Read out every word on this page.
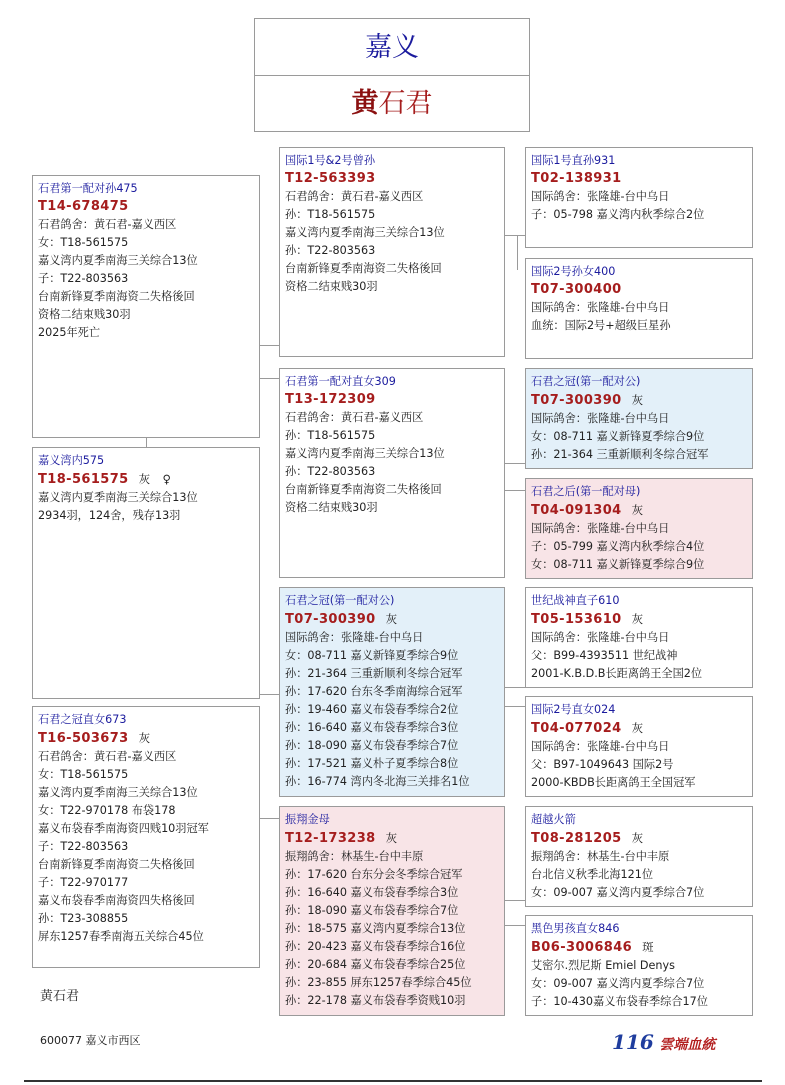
嘉义
黄石君
石君第一配对孙475
T14-678475
石君鸽舍：黄石君-嘉义西区
女：T18-561575
嘉义湾内夏季南海三关综合13位
子：T22-803563
台南新锋夏季南海资二失格後回
资格二结束贱30羽
2025年死亡
嘉义湾内575
T18-561575 灰　♀
嘉义湾内夏季南海三关综合13位
2934羽，124舍，残存13羽
石君之冠直女673
T16-503673 灰
石君鸽舍：黄石君-嘉义西区
女：T18-561575
嘉义湾内夏季南海三关综合13位
女：T22-970178 布袋178
嘉义布袋春季南海资四贱10羽冠军
子：T22-803563
台南新锋夏季南海资二失格後回
子：T22-970177
嘉义布袋春季南海资四失格後回
孙：T23-308855
屏东1257春季南海五关综合45位
国际1号&2号曾孙
T12-563393
石君鸽舍：黄石君-嘉义西区
孙：T18-561575
嘉义湾内夏季南海三关综合13位
孙：T22-803563
台南新锋夏季南海资二失格後回
资格二结束贱30羽
石君第一配对直女309
T13-172309
石君鸽舍：黄石君-嘉义西区
孙：T18-561575
嘉义湾内夏季南海三关综合13位
孙：T22-803563
台南新锋夏季南海资二失格後回
资格二结束贱30羽
石君之冠(第一配对公)
T07-300390 灰
国际鸽舍：张隆雄-台中乌日
女：08-711 嘉义新锋夏季综合9位
孙：21-364 三重新顺利冬综合冠军
孙：17-620 台东冬季南海综合冠军
孙：19-460 嘉义布袋春季综合2位
孙：16-640 嘉义布袋春季综合3位
孙：18-090 嘉义布袋春季综合7位
孙：17-521 嘉义朴子夏季综合8位
孙：16-774 湾内冬北海三关排名1位
振翔金母
T12-173238 灰
振翔鸽舍：林基生-台中丰原
孙：17-620 台东分会冬季综合冠军
孙：16-640 嘉义布袋春季综合3位
孙：18-090 嘉义布袋春季综合7位
孙：18-575 嘉义湾内夏季综合13位
孙：20-423 嘉义布袋春季综合16位
孙：20-684 嘉义布袋春季综合25位
孙：23-855 屏东1257春季综合45位
孙：22-178 嘉义布袋春季资贱10羽
国际1号直孙931
T02-138931
国际鸽舍：张隆雄-台中乌日
子：05-798 嘉义湾内秋季综合2位
国际2号孙女400
T07-300400
国际鸽舍：张隆雄-台中乌日
血统：国际2号+超级巨星孙
石君之冠(第一配对公)
T07-300390 灰
国际鸽舍：张隆雄-台中乌日
女：08-711 嘉义新锋夏季综合9位
孙：21-364 三重新顺利冬综合冠军
石君之后(第一配对母)
T04-091304 灰
国际鸽舍：张隆雄-台中乌日
子：05-799 嘉义湾内秋季综合4位
女：08-711 嘉义新锋夏季综合9位
世纪战神直子610
T05-153610 灰
国际鸽舍：张隆雄-台中乌日
父：B99-4393511 世纪战神
2001-K.B.D.B长距离鸽王全国2位
国际2号直女024
T04-077024 灰
国际鸽舍：张隆雄-台中乌日
父：B97-1049643 国际2号
2000-KBDB长距离鸽王全国冠军
超越火箭
T08-281205 灰
振翔鸽舍：林基生-台中丰原
台北信义秋季北海121位
女：09-007 嘉义湾内夏季综合7位
黑色男孩直女846
B06-3006846 斑
艾密尔.烈尼斯 Emiel Denys
女：09-007 嘉义湾内夏季综合7位
子：10-430嘉义布袋春季综合17位
黄石君
600077 嘉义市西区	116 雲端血統
